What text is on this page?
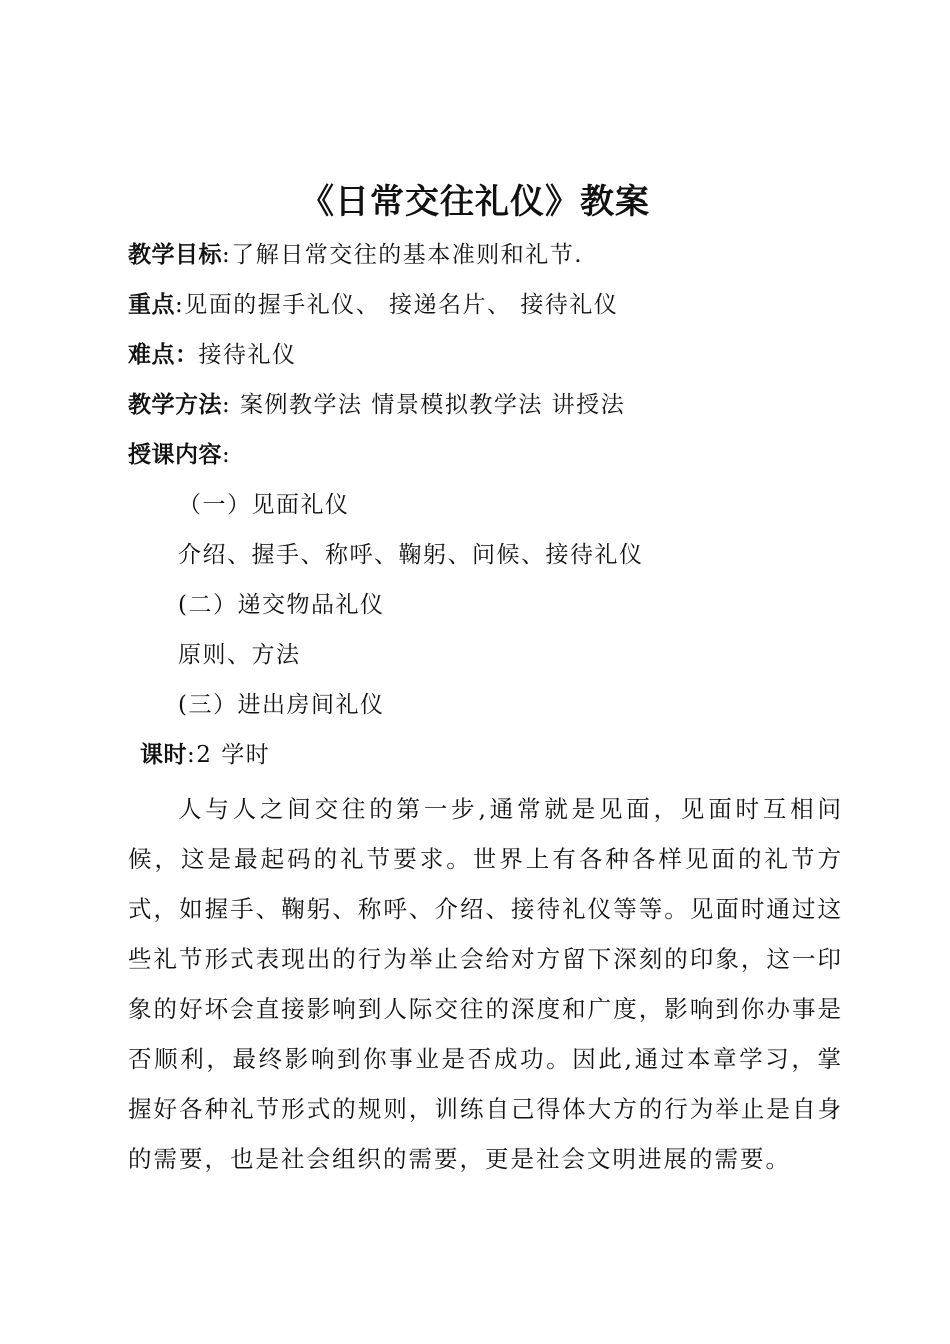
《日常交往礼仪》教案
教学目标:了解日常交往的基本准则和礼节.
重点:见面的握手礼仪、 接递名片、 接待礼仪
难点：接待礼仪
教学方法: 案例教学法 情景模拟教学法 讲授法
授课内容:
（一）见面礼仪
介绍、握手、称呼、鞠躬、问候、接待礼仪
(二）递交物品礼仪
原则、方法
(三）进出房间礼仪
课时:2 学时

人与人之间交往的第一步,通常就是见面，见面时互相问候，这是最起码的礼节要求。世界上有各种各样见面的礼节方式，如握手、鞠躬、称呼、介绍、接待礼仪等等。见面时通过这些礼节形式表现出的行为举止会给对方留下深刻的印象，这一印象的好坏会直接影响到人际交往的深度和广度，影响到你办事是否顺利，最终影响到你事业是否成功。因此,通过本章学习，掌握好各种礼节形式的规则，训练自己得体大方的行为举止是自身的需要，也是社会组织的需要，更是社会文明进展的需要。
